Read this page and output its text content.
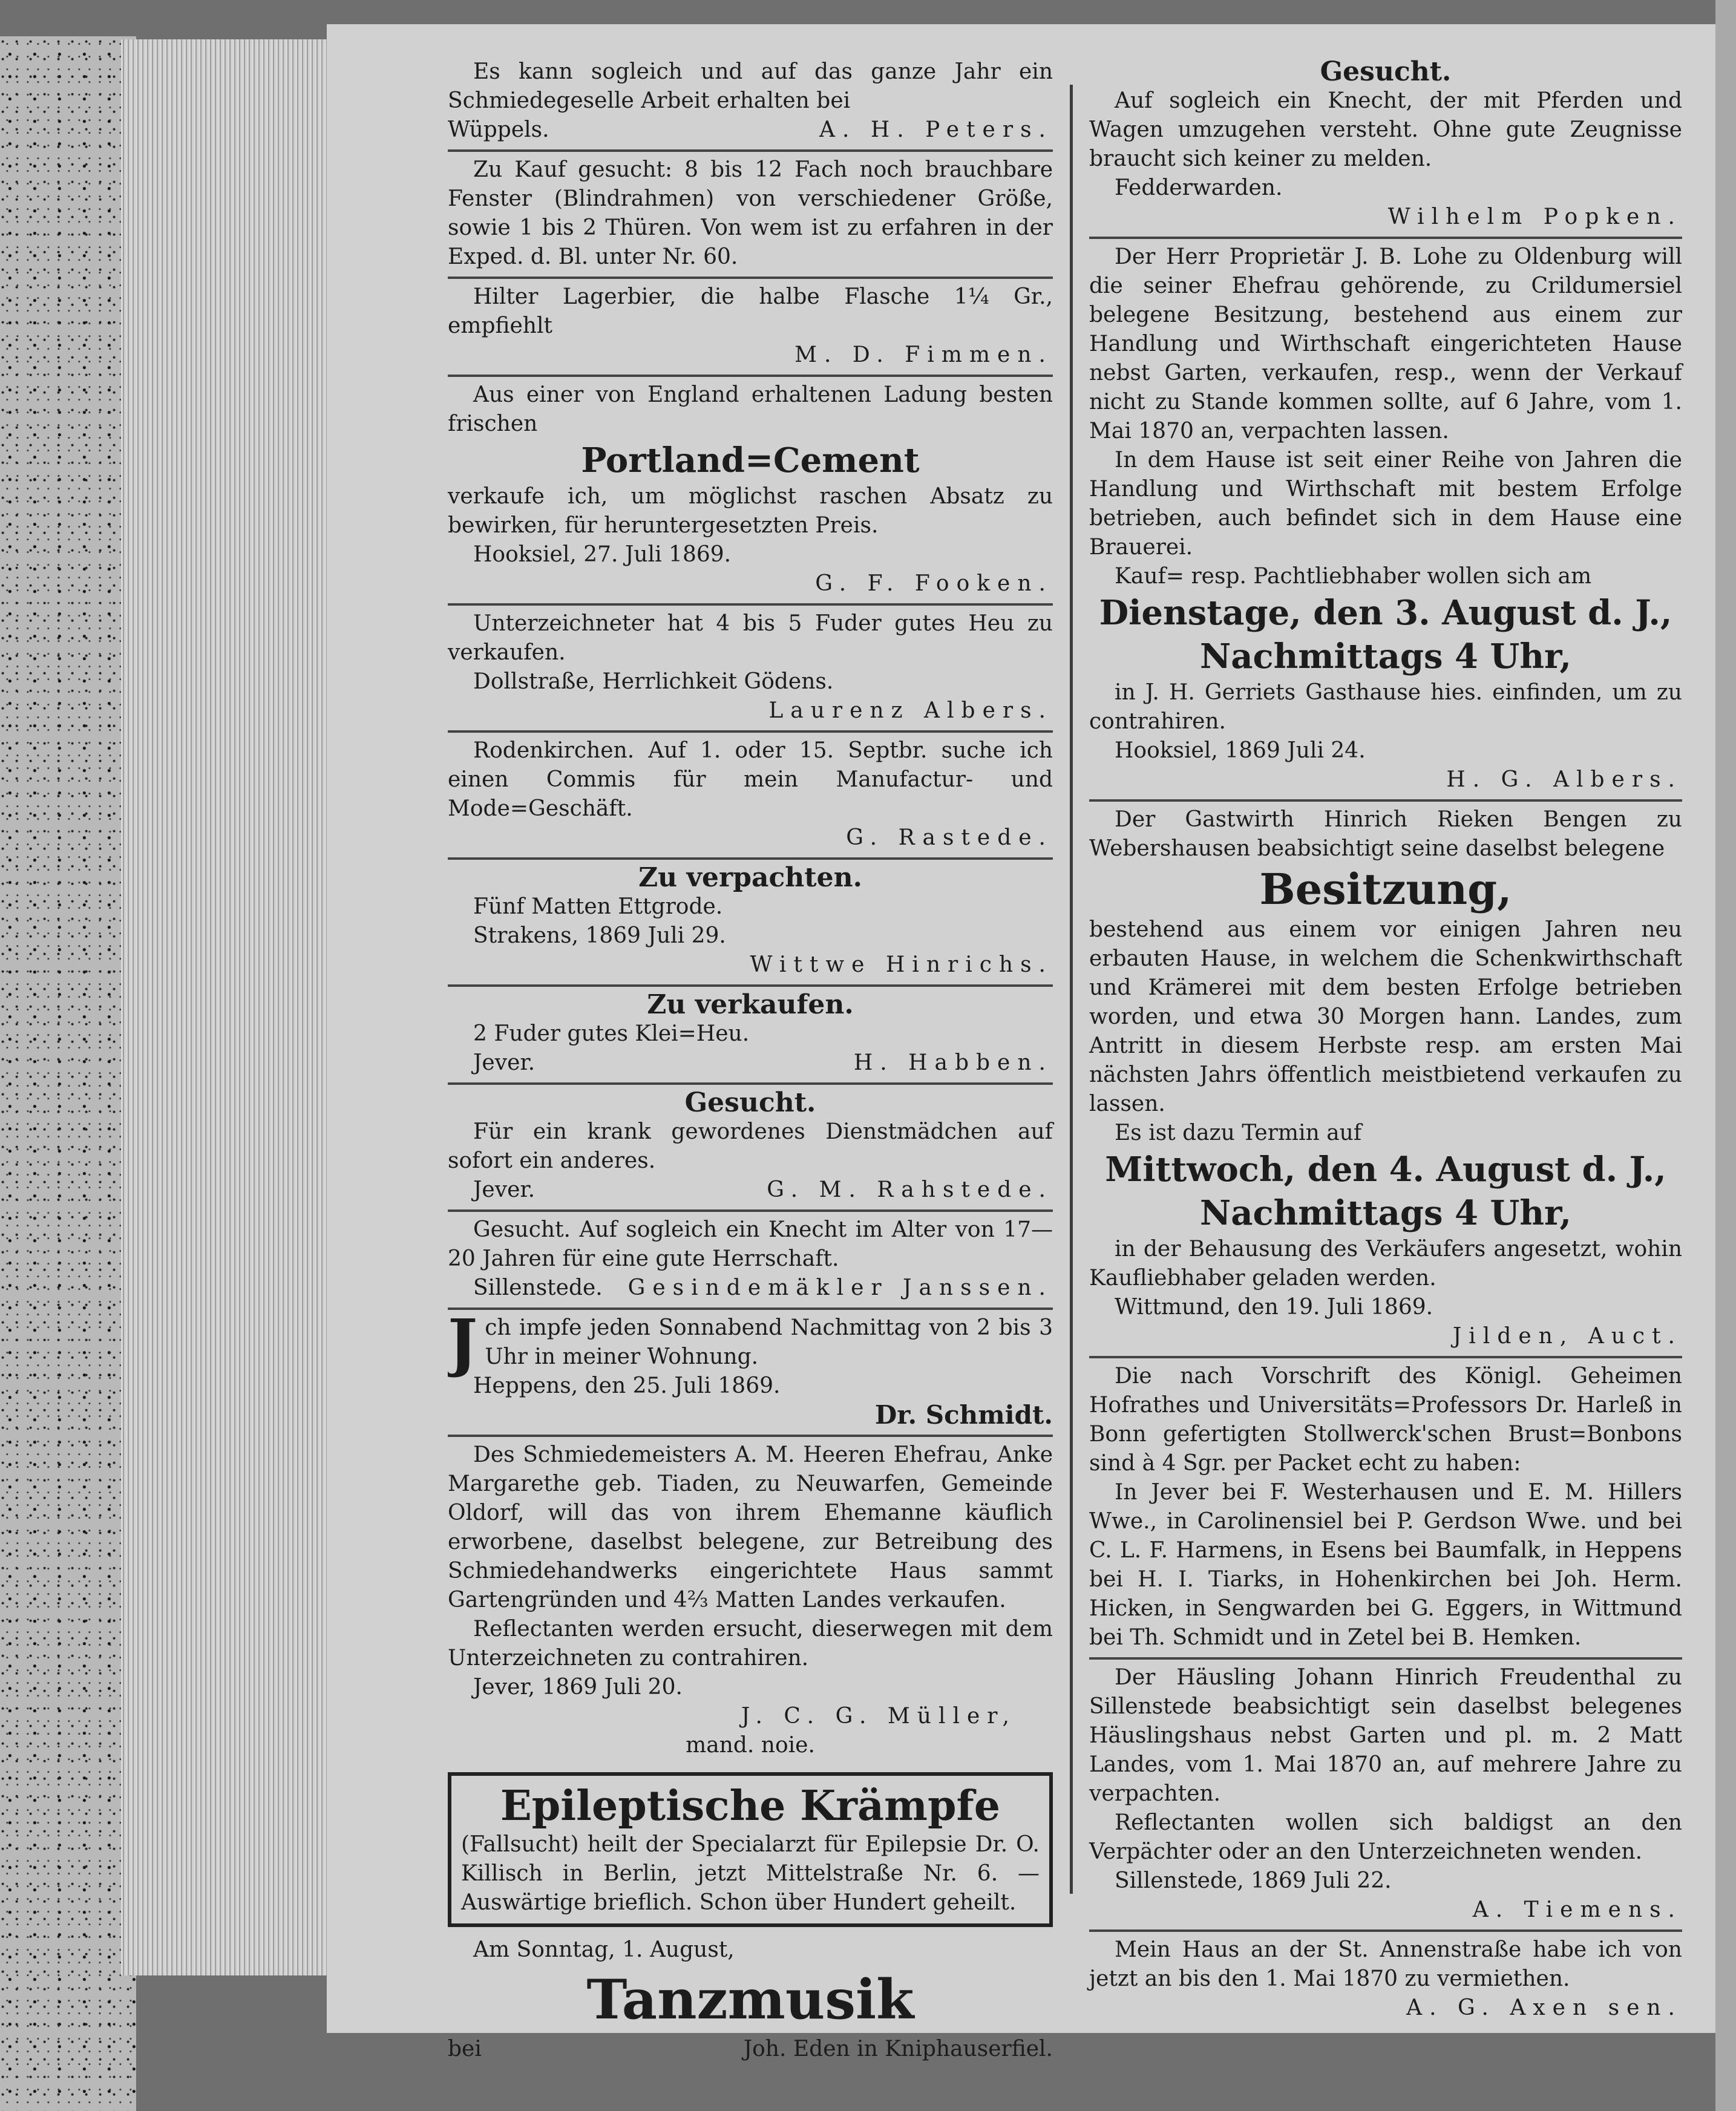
Es kann sogleich und auf das ganze Jahr ein Schmiedegeselle Arbeit erhalten bei

Wüppels.	A. H. Peters.

Zu Kauf gesucht: 8 bis 12 Fach noch brauchbare Fenster (Blindrahmen) von verschiedener Größe, sowie 1 bis 2 Thüren. Von wem ist zu erfahren in der Exped. d. Bl. unter Nr. 60.

Hilter Lagerbier, die halbe Flasche 1¼ Gr., empfiehlt

M. D. Fimmen.

Aus einer von England erhaltenen Ladung besten frischen

Portland=Cement

verkaufe ich, um möglichst raschen Absatz zu bewirken, für heruntergesetzten Preis.

Hooksiel, 27. Juli 1869.

G. F. Fooken.

Unterzeichneter hat 4 bis 5 Fuder gutes Heu zu verkaufen.

Dollstraße, Herrlichkeit Gödens.

Laurenz Albers.

Rodenkirchen. Auf 1. oder 15. Septbr. suche ich einen Commis für mein Manufactur- und Mode=Geschäft.

G. Rastede.

Zu verpachten.

Fünf Matten Ettgrode.

Strakens, 1869 Juli 29.

Wittwe Hinrichs.

Zu verkaufen.

2 Fuder gutes Klei=Heu.

Jever.	H. Habben.

Gesucht.

Für ein krank gewordenes Dienstmädchen auf sofort ein anderes.

Jever.	G. M. Rahstede.

Gesucht. Auf sogleich ein Knecht im Alter von 17—20 Jahren für eine gute Herrschaft.

Sillenstede. Gesindemäkler Janssen.
J ch impfe jeden Sonnabend Nachmittag von 2 bis 3 Uhr in meiner Wohnung.

Heppens, den 25. Juli 1869.

Dr. Schmidt.

Des Schmiedemeisters A. M. Heeren Ehefrau, Anke Margarethe geb. Tiaden, zu Neuwarfen, Gemeinde Oldorf, will das von ihrem Ehemanne käuflich erworbene, daselbst belegene, zur Betreibung des Schmiedehandwerks eingerichtete Haus sammt Gartengründen und 4⅔ Matten Landes verkaufen.

Reflectanten werden ersucht, dieserwegen mit dem Unterzeichneten zu contrahiren.

Jever, 1869 Juli 20.

J. C. G. Müller,

mand. noie.

Epileptische Krämpfe

(Fallsucht) heilt der Specialarzt für Epilepsie Dr. O. Killisch in Berlin, jetzt Mittelstraße Nr. 6. — Auswärtige brieflich. Schon über Hundert geheilt.

Am Sonntag, 1. August,

Tanzmusik
bei	Joh. Eden in Kniphauserfiel.

Gesucht.

Auf sogleich ein Knecht, der mit Pferden und Wagen umzugehen versteht. Ohne gute Zeugnisse braucht sich keiner zu melden.

Fedderwarden.

Wilhelm Popken.

Der Herr Proprietär J. B. Lohe zu Oldenburg will die seiner Ehefrau gehörende, zu Crildumersiel belegene Besitzung, bestehend aus einem zur Handlung und Wirthschaft eingerichteten Hause nebst Garten, verkaufen, resp., wenn der Verkauf nicht zu Stande kommen sollte, auf 6 Jahre, vom 1. Mai 1870 an, verpachten lassen.

In dem Hause ist seit einer Reihe von Jahren die Handlung und Wirthschaft mit bestem Erfolge betrieben, auch befindet sich in dem Hause eine Brauerei.

Kauf= resp. Pachtliebhaber wollen sich am

Dienstage, den 3. August d. J.,

Nachmittags 4 Uhr,

in J. H. Gerriets Gasthause hies. einfinden, um zu contrahiren.

Hooksiel, 1869 Juli 24.

H. G. Albers.

Der Gastwirth Hinrich Rieken Bengen zu Webershausen beabsichtigt seine daselbst belegene

Besitzung,

bestehend aus einem vor einigen Jahren neu erbauten Hause, in welchem die Schenkwirthschaft und Krämerei mit dem besten Erfolge betrieben worden, und etwa 30 Morgen hann. Landes, zum Antritt in diesem Herbste resp. am ersten Mai nächsten Jahrs öffentlich meistbietend verkaufen zu lassen.

Es ist dazu Termin auf

Mittwoch, den 4. August d. J.,

Nachmittags 4 Uhr,

in der Behausung des Verkäufers angesetzt, wohin Kaufliebhaber geladen werden.

Wittmund, den 19. Juli 1869.

Jilden, Auct.

Die nach Vorschrift des Königl. Geheimen Hofrathes und Universitäts=Professors Dr. Harleß in Bonn gefertigten Stollwerck'schen Brust=Bonbons sind à 4 Sgr. per Packet echt zu haben:

In Jever bei F. Westerhausen und E. M. Hillers Wwe., in Carolinensiel bei P. Gerdson Wwe. und bei C. L. F. Harmens, in Esens bei Baumfalk, in Heppens bei H. I. Tiarks, in Hohenkirchen bei Joh. Herm. Hicken, in Sengwarden bei G. Eggers, in Wittmund bei Th. Schmidt und in Zetel bei B. Hemken.

Der Häusling Johann Hinrich Freudenthal zu Sillenstede beabsichtigt sein daselbst belegenes Häuslingshaus nebst Garten und pl. m. 2 Matt Landes, vom 1. Mai 1870 an, auf mehrere Jahre zu verpachten.

Reflectanten wollen sich baldigst an den Verpächter oder an den Unterzeichneten wenden.

Sillenstede, 1869 Juli 22.

A. Tiemens.

Mein Haus an der St. Annenstraße habe ich von jetzt an bis den 1. Mai 1870 zu vermiethen.

A. G. Axen sen.
